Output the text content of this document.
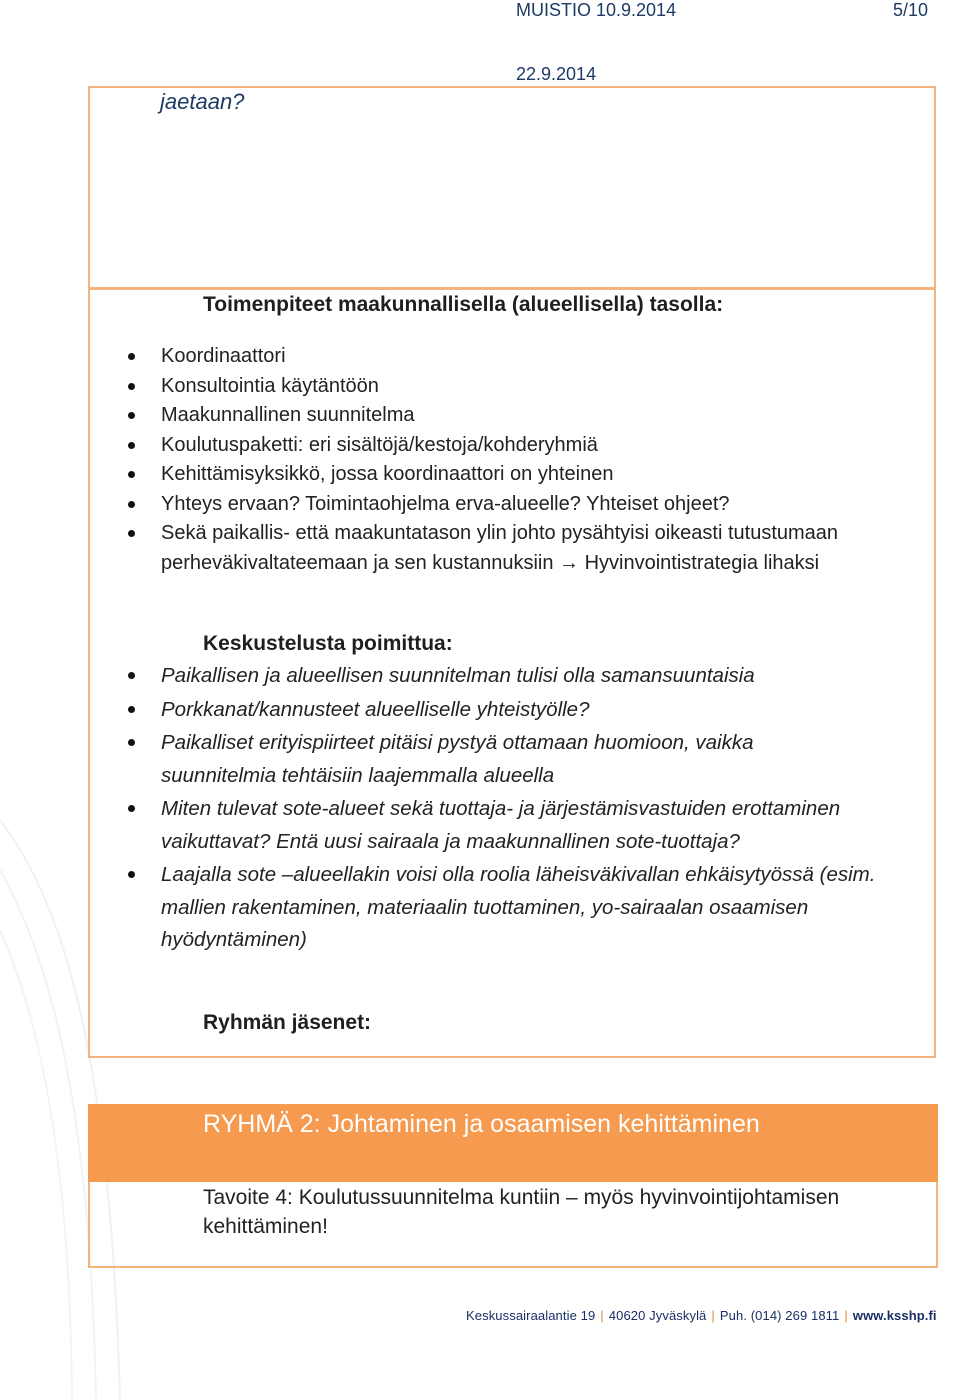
MUISTIO 10.9.2014	5/10
22.9.2014
jaetaan?
Toimenpiteet maakunnallisella (alueellisella) tasolla:
Koordinaattori
Konsultointia käytäntöön
Maakunnallinen suunnitelma
Koulutuspaketti: eri sisältöjä/kestoja/kohderyhmiä
Kehittämisyksikkö, jossa koordinaattori on yhteinen
Yhteys ervaan? Toimintaohjelma erva-alueelle? Yhteiset ohjeet?
Sekä paikallis- että maakuntatason ylin johto pysähtyisi oikeasti tutustumaan perheväkivaltateemaan ja sen kustannuksiin → Hyvinvointistrategia lihaksi
Keskustelusta poimittua:
Paikallisen ja alueellisen suunnitelman tulisi olla samansuuntaisia
Porkkanat/kannusteet alueelliselle yhteistyölle?
Paikalliset erityispiirteet pitäisi pystyä ottamaan huomioon, vaikka suunnitelmia tehtäisiin laajemmalla alueella
Miten tulevat sote-alueet sekä tuottaja- ja järjestämisvastuiden erottaminen vaikuttavat? Entä uusi sairaala ja maakunnallinen sote-tuottaja?
Laajalla sote –alueellakin voisi olla roolia läheisväkivallan ehkäisytyössä (esim. mallien rakentaminen, materiaalin tuottaminen, yo-sairaalan osaamisen hyödyntäminen)
Ryhmän jäsenet:
RYHMÄ 2: Johtaminen ja osaamisen kehittäminen
Tavoite 4: Koulutussuunnitelma kuntiin – myös hyvinvointijohtamisen kehittäminen!
Keskussairaalantie 19 | 40620 Jyväskylä | Puh. (014) 269 1811 | www.ksshp.fi
